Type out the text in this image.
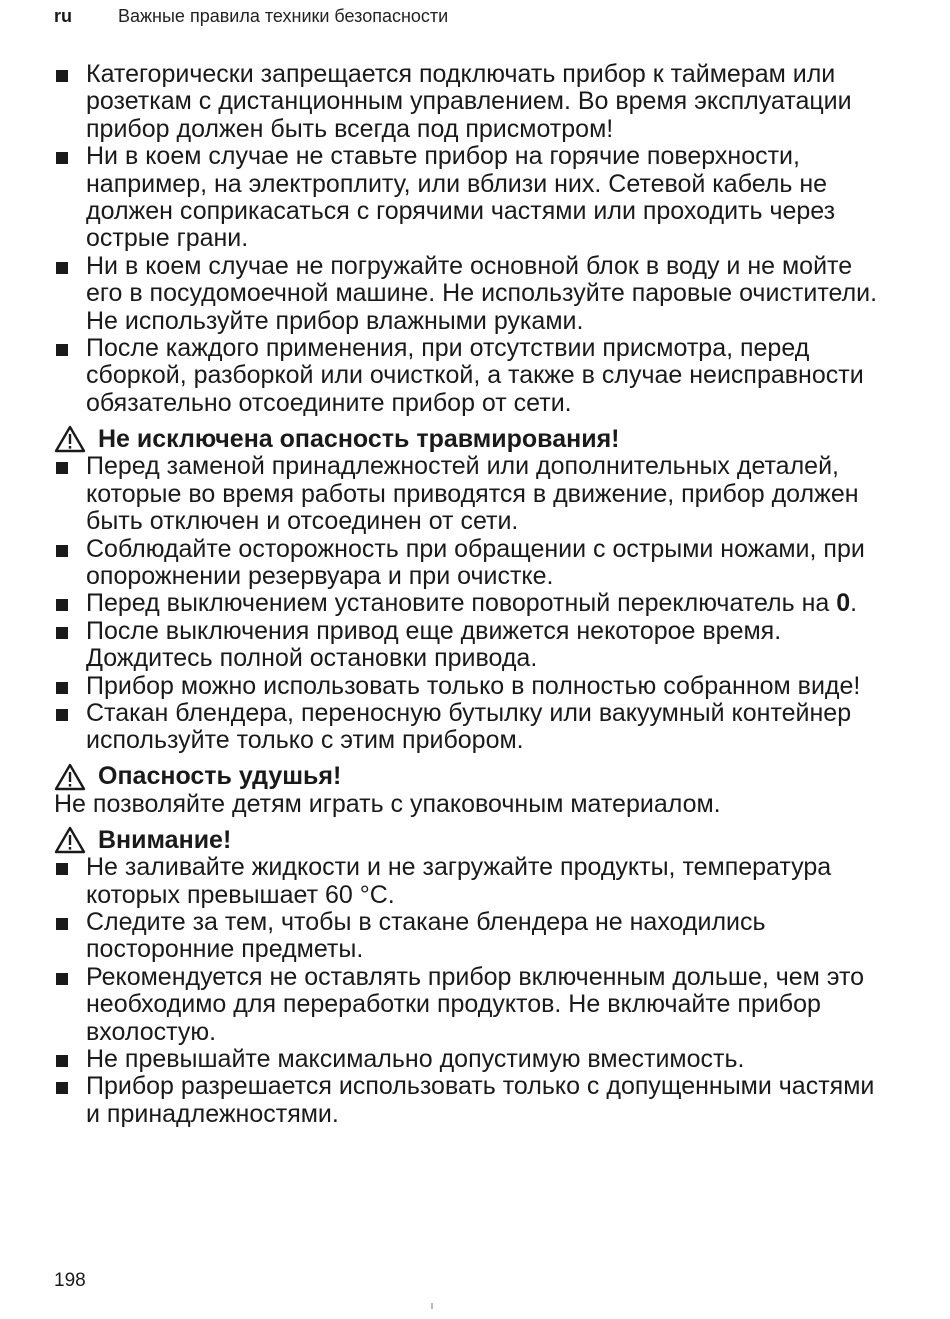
ru	Важные правила техники безопасности
Категорически запрещается подключать прибор к таймерам или розеткам с дистанционным управлением. Во время эксплуатации прибор должен быть всегда под присмотром!
Ни в коем случае не ставьте прибор на горячие поверхности, например, на электроплиту, или вблизи них. Сетевой кабель не должен соприкасаться с горячими частями или проходить через острые грани.
Ни в коем случае не погружайте основной блок в воду и не мойте его в посудомоечной машине. Не используйте паровые очистители. Не используйте прибор влажными руками.
После каждого применения, при отсутствии присмотра, перед сборкой, разборкой или очисткой, а также в случае неисправности обязательно отсоедините прибор от сети.
Не исключена опасность травмирования!
Перед заменой принадлежностей или дополнительных деталей, которые во время работы приводятся в движение, прибор должен быть отключен и отсоединен от сети.
Соблюдайте осторожность при обращении с острыми ножами, при опорожнении резервуара и при очистке.
Перед выключением установите поворотный переключатель на 0.
После выключения привод еще движется некоторое время. Дождитесь полной остановки привода.
Прибор можно использовать только в полностью собранном виде!
Стакан блендера, переносную бутылку или вакуумный контейнер используйте только с этим прибором.
Опасность удушья!

Не позволяйте детям играть с упаковочным материалом.

Внимание!
Не заливайте жидкости и не загружайте продукты, температура которых превышает 60 °C.
Следите за тем, чтобы в стакане блендера не находились посторонние предметы.
Рекомендуется не оставлять прибор включенным дольше, чем это необходимо для переработки продуктов. Не включайте прибор вхолостую.
Не превышайте максимально допустимую вместимость.
Прибор разрешается использовать только с допущенными частями и принадлежностями.
198
